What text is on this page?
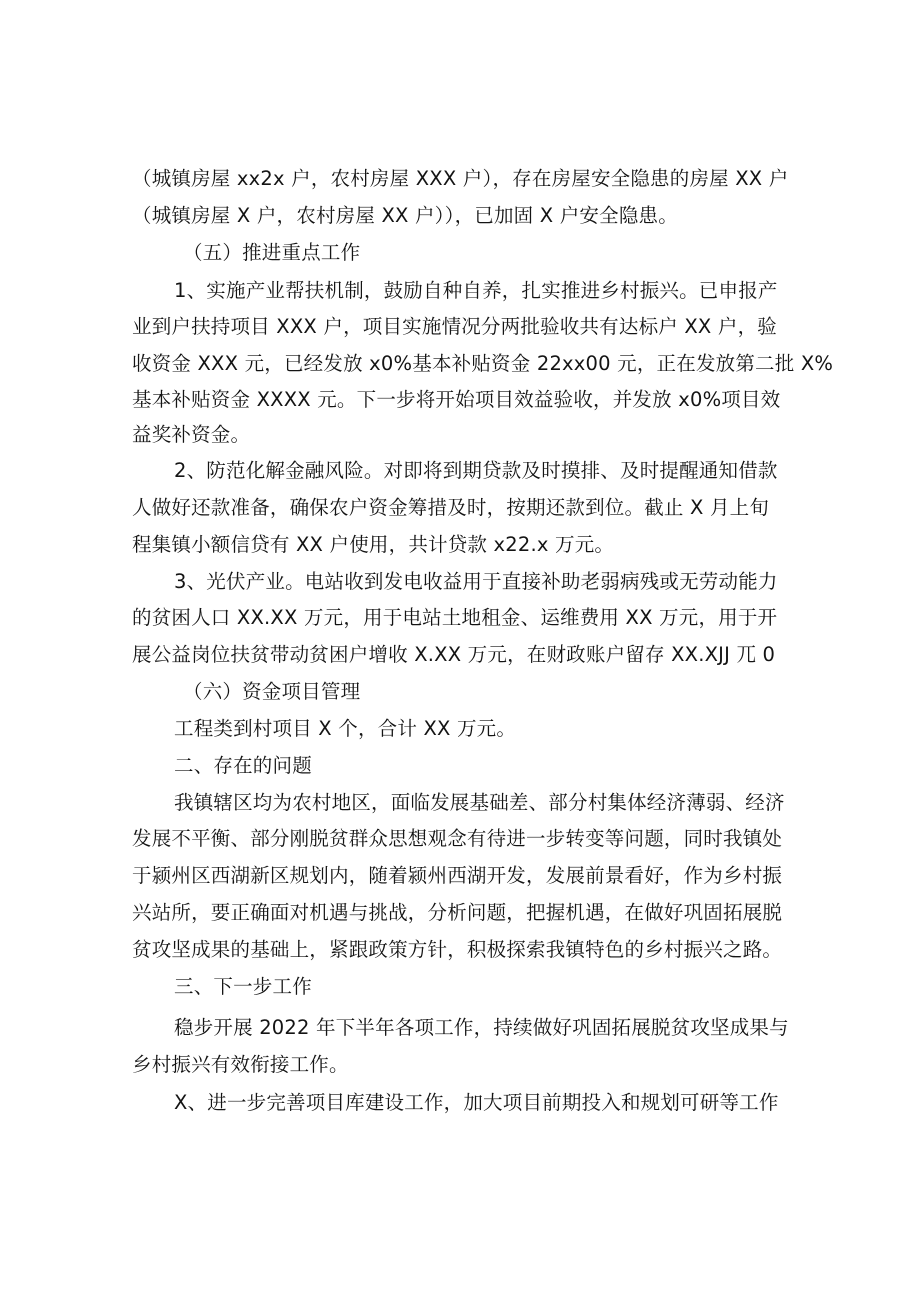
（城镇房屋 xx2x 户，农村房屋 XXX 户），存在房屋安全隐患的房屋 XX 户
（城镇房屋 X 户，农村房屋 XX 户）），已加固 X 户安全隐患。
（五）推进重点工作
1、实施产业帮扶机制，鼓励自种自养，扎实推进乡村振兴。已申报产
业到户扶持项目 XXX 户，项目实施情况分两批验收共有达标户 XX 户，验
收资金 XXX 元，已经发放 x0%基本补贴资金 22xx00 元，正在发放第二批 X%
基本补贴资金 XXXX 元。下一步将开始项目效益验收，并发放 x0%项目效
益奖补资金。
2、防范化解金融风险。对即将到期贷款及时摸排、及时提醒通知借款
人做好还款准备，确保农户资金筹措及时，按期还款到位。截止 X 月上旬
程集镇小额信贷有 XX 户使用，共计贷款 x22.x 万元。
3、光伏产业。电站收到发电收益用于直接补助老弱病残或无劳动能力
的贫困人口 XX.XX 万元，用于电站土地租金、运维费用 XX 万元，用于开
展公益岗位扶贫带动贫困户增收 X.XX 万元，在财政账户留存 XX.XJJ 兀 0
（六）资金项目管理
工程类到村项目 X 个，合计 XX 万元。
二、存在的问题
我镇辖区均为农村地区，面临发展基础差、部分村集体经济薄弱、经济
发展不平衡、部分刚脱贫群众思想观念有待进一步转变等问题，同时我镇处
于颍州区西湖新区规划内，随着颍州西湖开发，发展前景看好，作为乡村振
兴站所，要正确面对机遇与挑战，分析问题，把握机遇，在做好巩固拓展脱
贫攻坚成果的基础上，紧跟政策方针，积极探索我镇特色的乡村振兴之路。
三、下一步工作
稳步开展 2022 年下半年各项工作，持续做好巩固拓展脱贫攻坚成果与
乡村振兴有效衔接工作。
X、进一步完善项目库建设工作，加大项目前期投入和规划可研等工作
